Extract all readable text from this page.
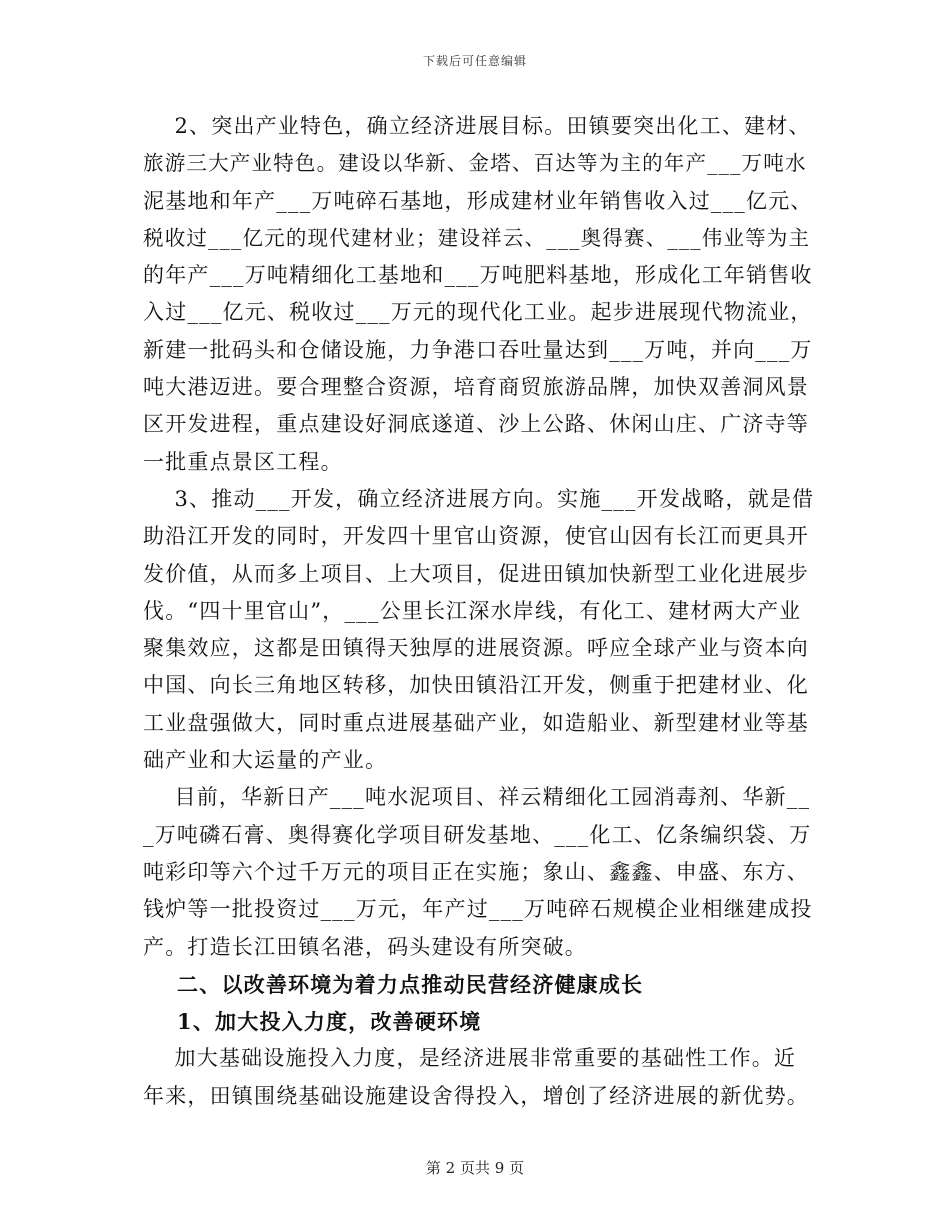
下载后可任意编辑
2、突出产业特色，确立经济进展目标。田镇要突出化工、建材、
旅游三大产业特色。建设以华新、金塔、百达等为主的年产___万吨水
泥基地和年产___万吨碎石基地，形成建材业年销售收入过___亿元、
税收过___亿元的现代建材业；建设祥云、___奥得赛、___伟业等为主
的年产___万吨精细化工基地和___万吨肥料基地，形成化工年销售收
入过___亿元、税收过___万元的现代化工业。起步进展现代物流业，
新建一批码头和仓储设施，力争港口吞吐量达到___万吨，并向___万
吨大港迈进。要合理整合资源，培育商贸旅游品牌，加快双善洞风景
区开发进程，重点建设好洞底遂道、沙上公路、休闲山庄、广济寺等
一批重点景区工程。
3、推动___开发，确立经济进展方向。实施___开发战略，就是借
助沿江开发的同时，开发四十里官山资源，使官山因有长江而更具开
发价值，从而多上项目、上大项目，促进田镇加快新型工业化进展步
伐。“四十里官山”，___公里长江深水岸线，有化工、建材两大产业
聚集效应，这都是田镇得天独厚的进展资源。呼应全球产业与资本向
中国、向长三角地区转移，加快田镇沿江开发，侧重于把建材业、化
工业盘强做大，同时重点进展基础产业，如造船业、新型建材业等基
础产业和大运量的产业。
目前，华新日产___吨水泥项目、祥云精细化工园消毒剂、华新__
_万吨磷石膏、奥得赛化学项目研发基地、___化工、亿条编织袋、万
吨彩印等六个过千万元的项目正在实施；象山、鑫鑫、申盛、东方、
钱炉等一批投资过___万元，年产过___万吨碎石规模企业相继建成投
产。打造长江田镇名港，码头建设有所突破。
二、以改善环境为着力点推动民营经济健康成长
1、加大投入力度，改善硬环境
加大基础设施投入力度，是经济进展非常重要的基础性工作。近
年来，田镇围绕基础设施建设舍得投入，增创了经济进展的新优势。
第 2 页共 9 页
